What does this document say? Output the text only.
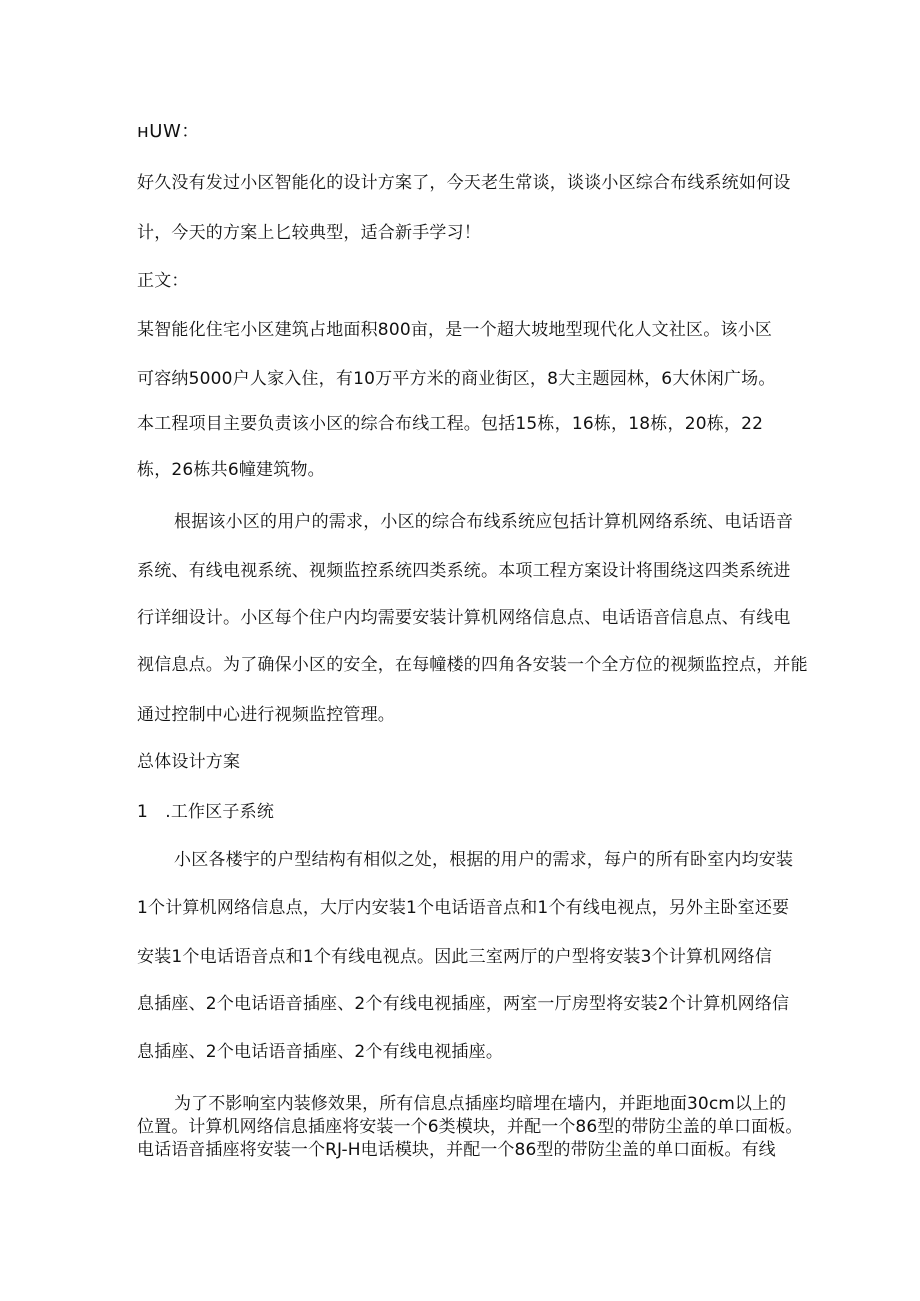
ʜUW：
好久没有发过小区智能化的设计方案了，今天老生常谈，谈谈小区综合布线系统如何设
计，今天的方案上匕较典型，适合新手学习！
正文：
某智能化住宅小区建筑占地面积800亩，是一个超大坡地型现代化人文社区。该小区
可容纳5000户人家入住，有10万平方米的商业街区，8大主题园林，6大休闲广场。
本工程项目主要负责该小区的综合布线工程。包括15栋，16栋，18栋，20栋，22
栋，26栋共6幢建筑物。
根据该小区的用户的需求，小区的综合布线系统应包括计算机网络系统、电话语音
系统、有线电视系统、视频监控系统四类系统。本项工程方案设计将围绕这四类系统进
行详细设计。小区每个住户内均需要安装计算机网络信息点、电话语音信息点、有线电
视信息点。为了确保小区的安全，在每幢楼的四角各安装一个全方位的视频监控点，并能
通过控制中心进行视频监控管理。
总体设计方案
1　.工作区子系统
小区各楼宇的户型结构有相似之处，根据的用户的需求，每户的所有卧室内均安装
1个计算机网络信息点，大厅内安装1个电话语音点和1个有线电视点，另外主卧室还要
安装1个电话语音点和1个有线电视点。因此三室两厅的户型将安装3个计算机网络信
息插座、2个电话语音插座、2个有线电视插座，两室一厅房型将安装2个计算机网络信
息插座、2个电话语音插座、2个有线电视插座。
为了不影响室内装修效果，所有信息点插座均暗埋在墙内，并距地面30cm以上的
位置。计算机网络信息插座将安装一个6类模块，并配一个86型的带防尘盖的单口面板。
电话语音插座将安装一个RJ-H电话模块，并配一个86型的带防尘盖的单口面板。有线
